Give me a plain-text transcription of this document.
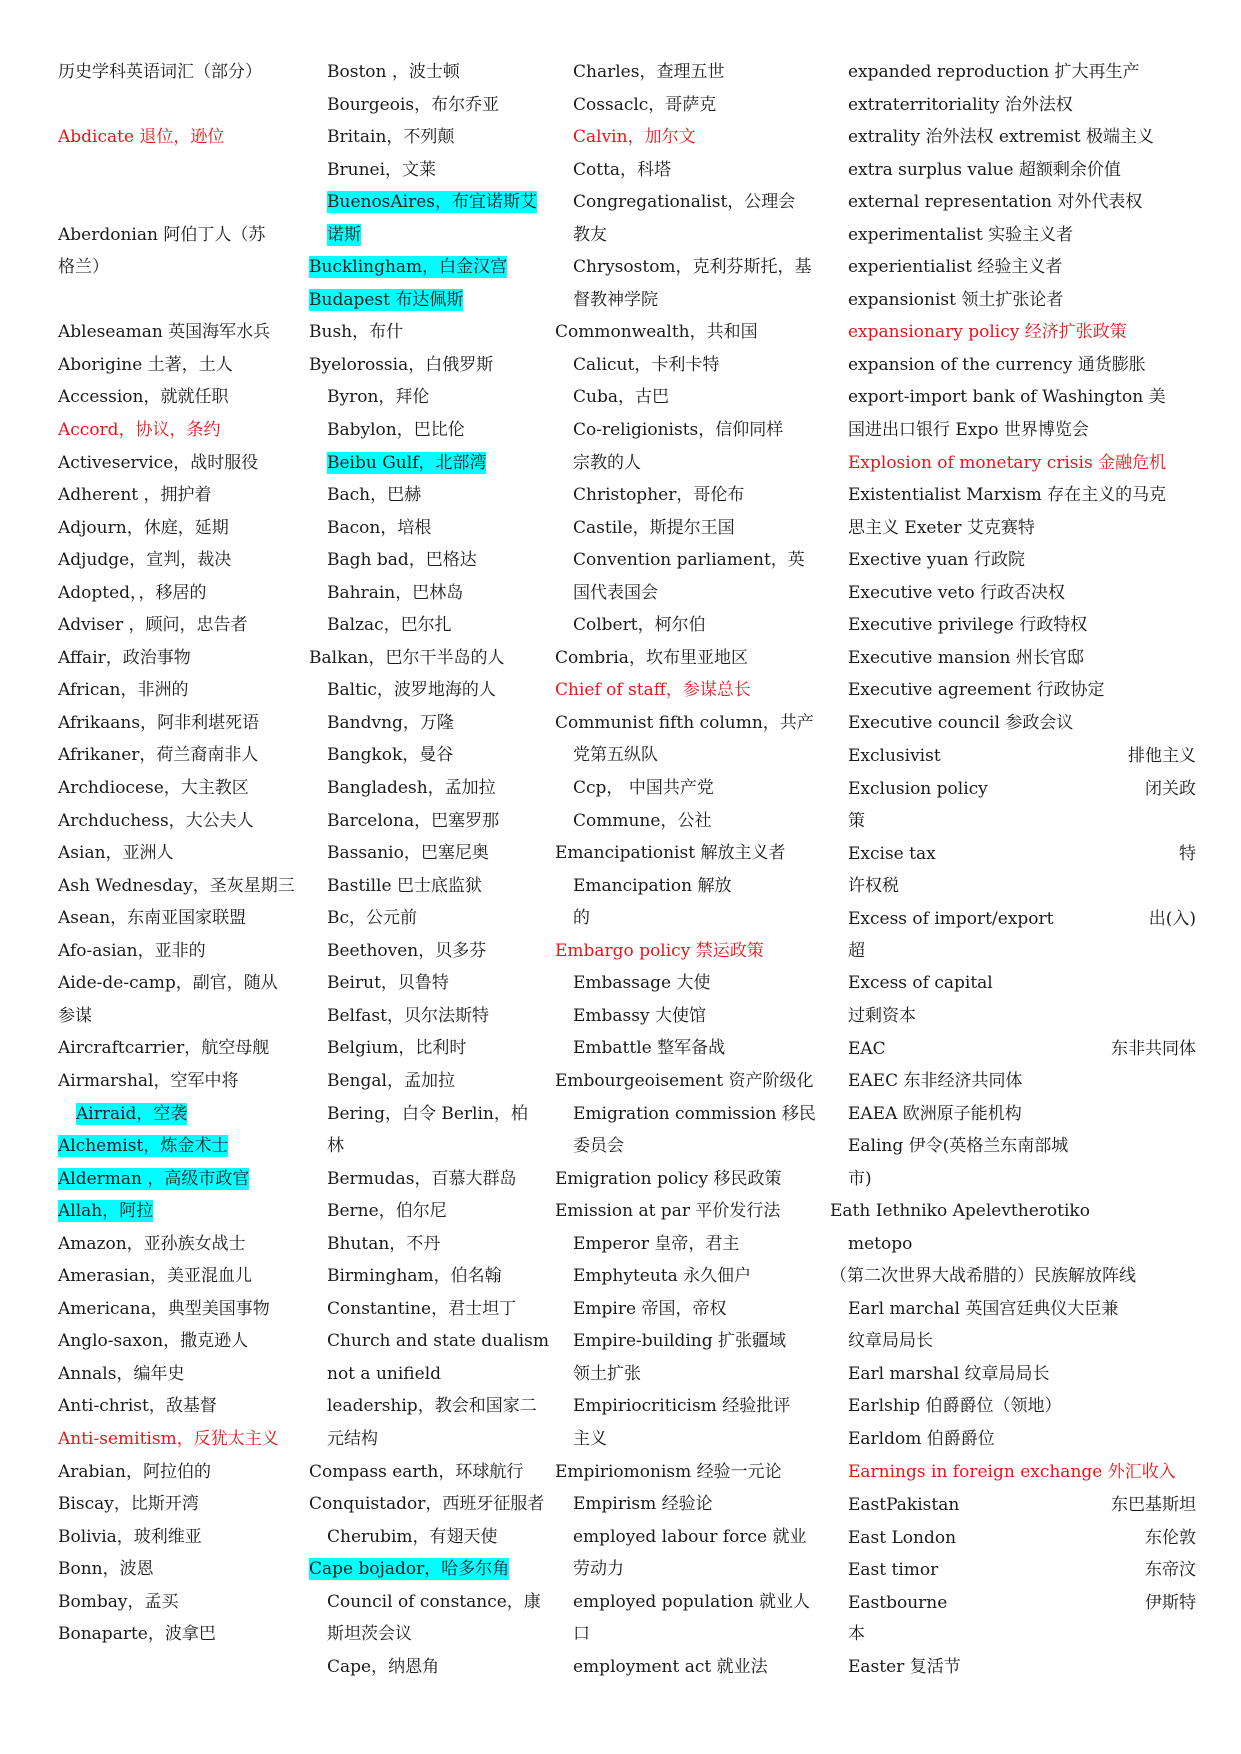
历史学科英语词汇（部分）
Abdicate 退位，逊位
Aberdonian 阿伯丁人（苏
格兰）
Ableseaman 英国海军水兵
Aborigine 土著，土人
Accession，就就任职
Accord，协议，条约
Activeservice，战时服役
Adherent ，拥护着
Adjourn，休庭，延期
Adjudge，宣判，裁决
Adopted，，移居的
Adviser ，顾问，忠告者
Affair，政治事物
African，非洲的
Afrikaans，阿非利堪死语
Afrikaner，荷兰裔南非人
Archdiocese，大主教区
Archduchess，大公夫人
Asian，亚洲人
Ash Wednesday，圣灰星期三
Asean，东南亚国家联盟
Afo-asian，亚非的
Aide-de-camp，副官，随从
参谋
Aircraftcarrier，航空母舰
Airmarshal，空军中将
Airraid，空袭
Alchemist，炼金术士
Alderman ，高级市政官
Allah，阿拉
Amazon，亚孙族女战士
Amerasian，美亚混血儿
Americana，典型美国事物
Anglo-saxon，撒克逊人
Annals，编年史
Anti-christ，敌基督
Anti-semitism，反犹太主义
Arabian，阿拉伯的
Biscay，比斯开湾
Bolivia，玻利维亚
Bonn，波恩
Bombay，孟买
Bonaparte，波拿巴
Boston ，波士顿
Bourgeois，布尔乔亚
Britain，不列颠
Brunei，文莱
BuenosAires，布宜诺斯艾
诺斯
Bucklingham，白金汉宫
Budapest 布达佩斯
Bush，布什
Byelorossia，白俄罗斯
Byron，拜伦
Babylon，巴比伦
Beibu Gulf，北部湾
Bach，巴赫
Bacon，培根
Bagh bad，巴格达
Bahrain，巴林岛
Balzac，巴尔扎
Balkan，巴尔干半岛的人
Baltic，波罗地海的人
Bandvng，万隆
Bangkok，曼谷
Bangladesh，孟加拉
Barcelona，巴塞罗那
Bassanio，巴塞尼奥
Bastille 巴士底监狱
Bc，公元前
Beethoven，贝多芬
Beirut，贝鲁特
Belfast，贝尔法斯特
Belgium，比利时
Bengal，孟加拉
Bering，白令 Berlin，柏
林
Bermudas，百慕大群岛
Berne，伯尔尼
Bhutan，不丹
Birmingham，伯名翰
Constantine，君士坦丁
Church and state dualism
not a unifield
leadership，教会和国家二
元结构
Compass earth，环球航行
Conquistador，西班牙征服者
Cherubim，有翅天使
Cape bojador，哈多尔角
Council of constance，康
斯坦茨会议
Cape，纳恩角
Charles，查理五世
Cossaclc，哥萨克
Calvin，加尔文
Cotta，科塔
Congregationalist，公理会
教友
Chrysostom，克利芬斯托，基
督教神学院
Commonwealth，共和国
Calicut，卡利卡特
Cuba，古巴
Co-religionists，信仰同样
宗教的人
Christopher，哥伦布
Castile，斯提尔王国
Convention parliament，英
国代表国会
Colbert，柯尔伯
Combria，坎布里亚地区
Chief of staff，参谋总长
Communist fifth column，共产
党第五纵队
Ccp， 中国共产党
Commune，公社
Emancipationist 解放主义者
Emancipation 解放
的
Embargo policy 禁运政策
Embassage 大使
Embassy 大使馆
Embattle 整军备战
Embourgeoisement 资产阶级化
Emigration commission 移民
委员会
Emigration policy 移民政策
Emission at par 平价发行法
Emperor 皇帝，君主
Emphyteuta 永久佃户
Empire 帝国，帝权
Empire-building 扩张疆域
领土扩张
Empiriocriticism 经验批评
主义
Empiriomonism 经验一元论
Empirism 经验论
employed labour force 就业
劳动力
employed population 就业人
口
employment act 就业法
expanded reproduction 扩大再生产
extraterritoriality 治外法权
extrality 治外法权 extremist 极端主义
extra surplus value 超额剩余价值
external representation 对外代表权
experimentalist 实验主义者
experientialist 经验主义者
expansionist 领土扩张论者
expansionary policy 经济扩张政策
expansion of the currency 通货膨胀
export-import bank of Washington 美
国进出口银行 Expo 世界博览会
Explosion of monetary crisis 金融危机
Existentialist Marxism 存在主义的马克
思主义 Exeter 艾克赛特
Exective yuan 行政院
Executive veto 行政否决权
Executive privilege 行政特权
Executive mansion 州长官邸
Executive agreement 行政协定
Executive council 参政会议
Exclusivist	排他主义
Exclusion policy	闭关政
策
Excise tax	特
许权税
Excess of import/export	出(入)
超
Excess of capital
过剩资本
EAC	东非共同体
EAEC 东非经济共同体
EAEA 欧洲原子能机构
Ealing 伊令(英格兰东南部城
市)
Eath Iethniko Apelevtherotiko
metopo
（第二次世界大战希腊的）民族解放阵线
Earl marchal 英国宫廷典仪大臣兼
纹章局局长
Earl marshal 纹章局局长
Earlship 伯爵爵位（领地）
Earldom 伯爵爵位
Earnings in foreign exchange 外汇收入
EastPakistan	东巴基斯坦
East London	东伦敦
East timor	东帝汶
Eastbourne	伊斯特
本
Easter 复活节
